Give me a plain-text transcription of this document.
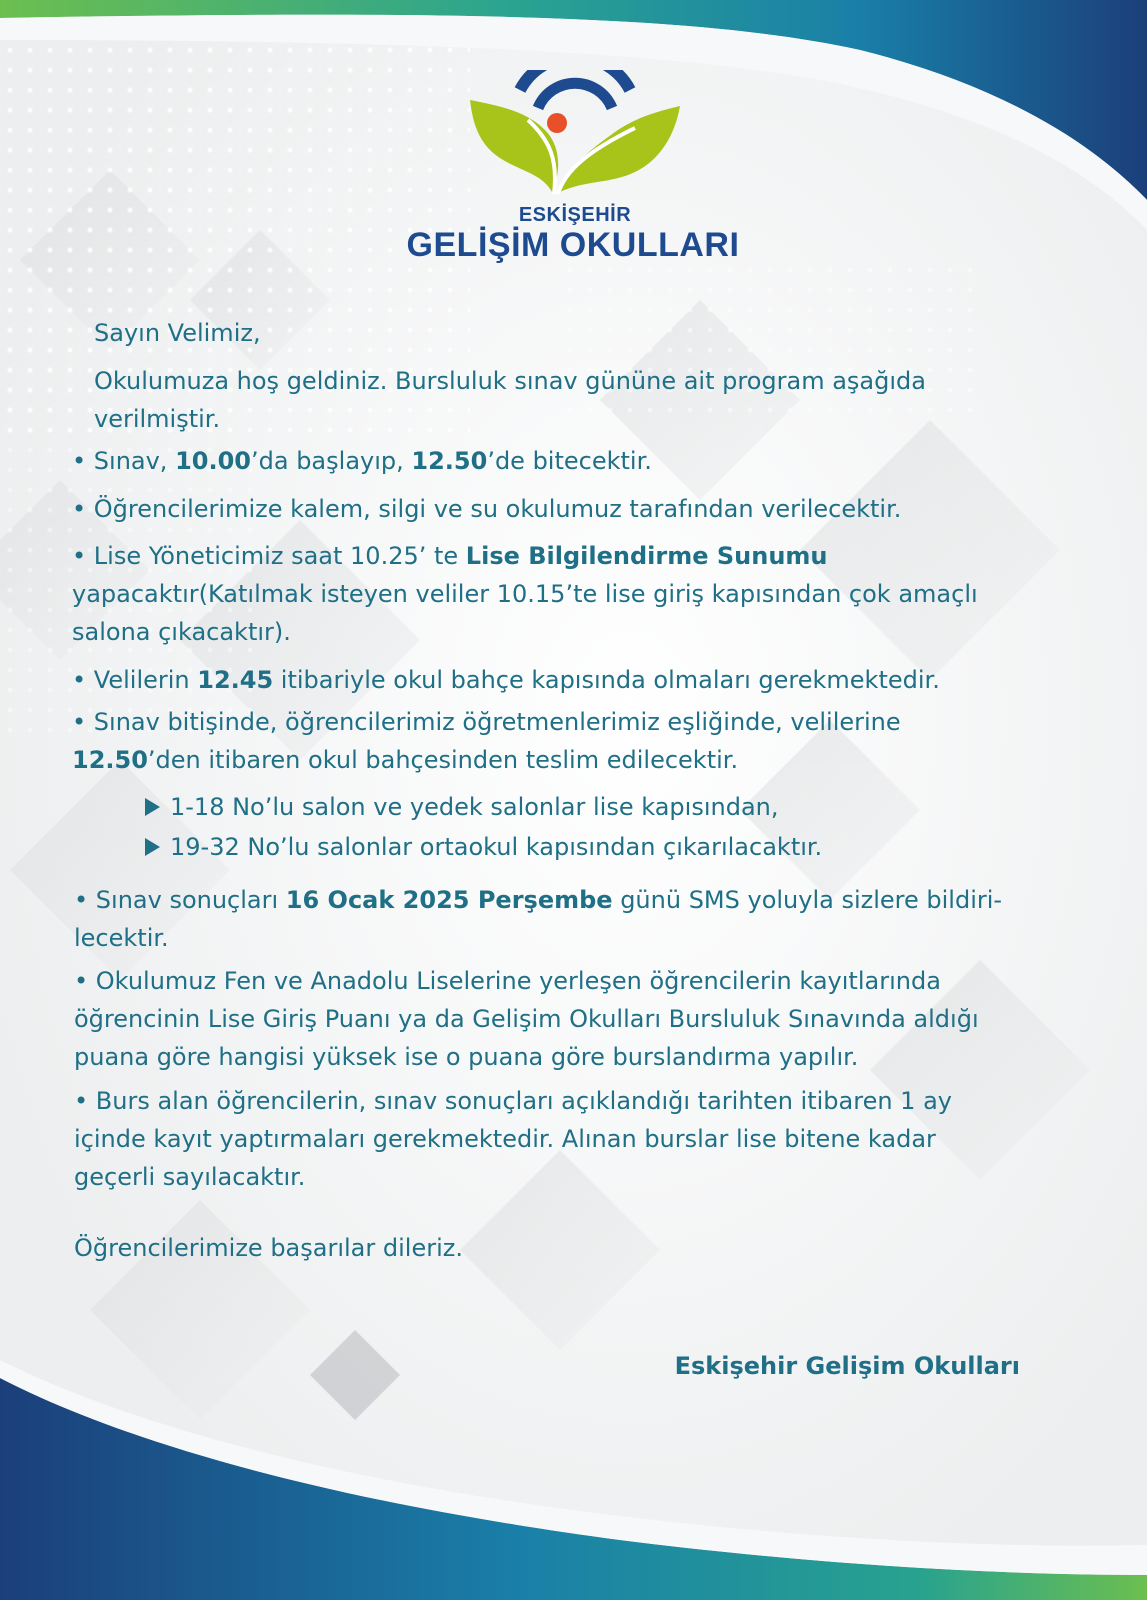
ESKİŞEHİR
GELİŞİM OKULLARI
Sayın Velimiz,
Okulumuza hoş geldiniz. Bursluluk sınav gününe ait program aşağıda
verilmiştir.
• Sınav, 10.00’da başlayıp, 12.50’de bitecektir.
• Öğrencilerimize kalem, silgi ve su okulumuz tarafından verilecektir.
• Lise Yöneticimiz saat 10.25’ te Lise Bilgilendirme Sunumu
yapacaktır(Katılmak isteyen veliler 10.15’te lise giriş kapısından çok amaçlı
salona çıkacaktır).
• Velilerin 12.45 itibariyle okul bahçe kapısında olmaları gerekmektedir.
• Sınav bitişinde, öğrencilerimiz öğretmenlerimiz eşliğinde, velilerine
12.50’den itibaren okul bahçesinden teslim edilecektir.
1-18 No’lu salon ve yedek salonlar lise kapısından,
19-32 No’lu salonlar ortaokul kapısından çıkarılacaktır.
• Sınav sonuçları 16 Ocak 2025 Perşembe günü SMS yoluyla sizlere bildiri-
lecektir.
• Okulumuz Fen ve Anadolu Liselerine yerleşen öğrencilerin kayıtlarında
öğrencinin Lise Giriş Puanı ya da Gelişim Okulları Bursluluk Sınavında aldığı
puana göre hangisi yüksek ise o puana göre burslandırma yapılır.
• Burs alan öğrencilerin, sınav sonuçları açıklandığı tarihten itibaren 1 ay
içinde kayıt yaptırmaları gerekmektedir. Alınan burslar lise bitene kadar
geçerli sayılacaktır.
Öğrencilerimize başarılar dileriz.
Eskişehir Gelişim Okulları
